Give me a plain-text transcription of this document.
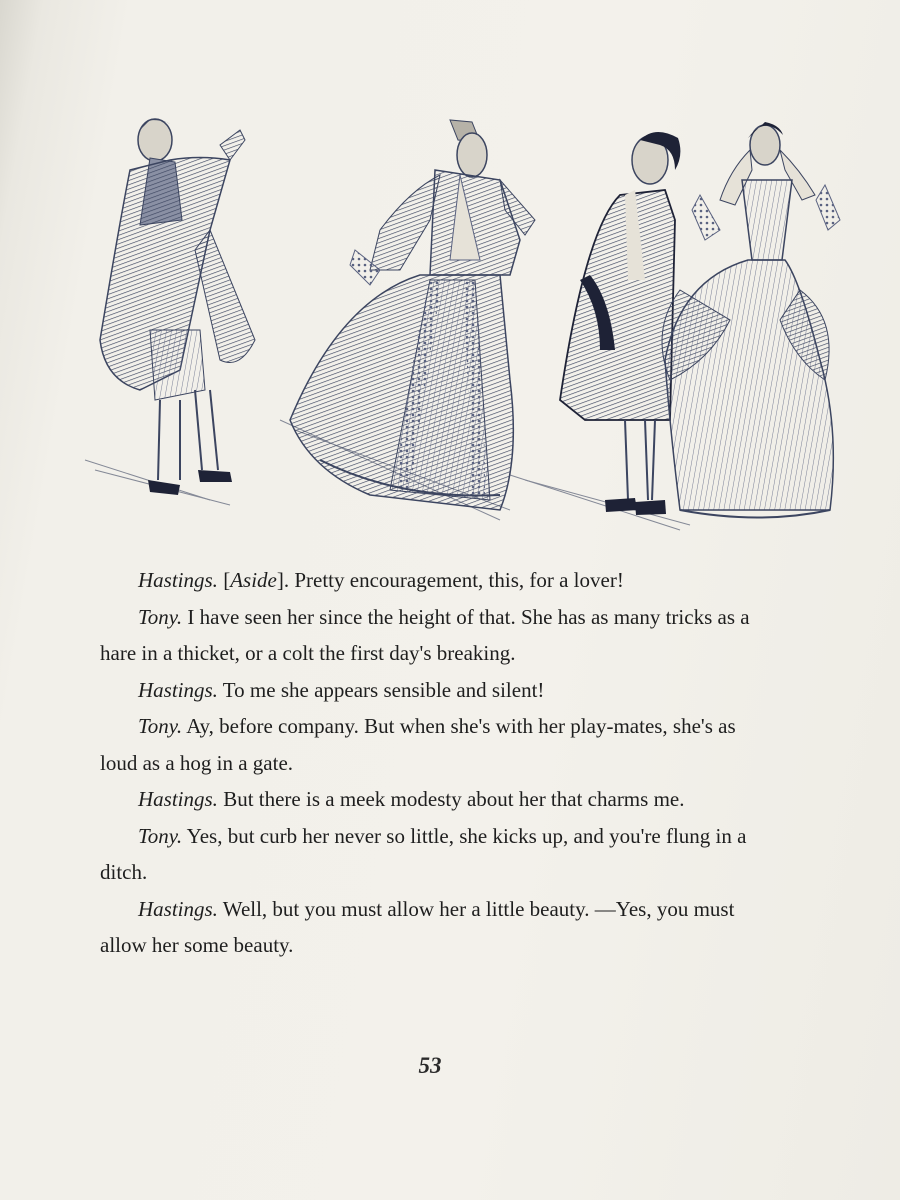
Hastings. [Aside]. Pretty encouragement, this, for a lover!

Tony. I have seen her since the height of that. She has as many tricks as a hare in a thicket, or a colt the first day's breaking.

Hastings. To me she appears sensible and silent!

Tony. Ay, before company. But when she's with her play-mates, she's as loud as a hog in a gate.

Hastings. But there is a meek modesty about her that charms me.

Tony. Yes, but curb her never so little, she kicks up, and you're flung in a ditch.

Hastings. Well, but you must allow her a little beauty. —Yes, you must allow her some beauty.

53
